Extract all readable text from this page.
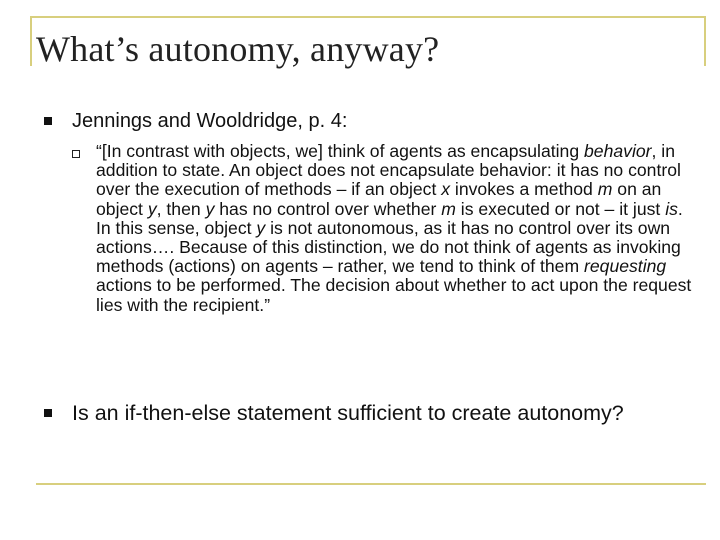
What’s autonomy, anyway?
Jennings and Wooldridge, p. 4:
“[In contrast with objects, we] think of agents as encapsulating behavior, in addition to state. An object does not encapsulate behavior: it has no control over the execution of methods – if an object x invokes a method m on an object y, then y has no control over whether m is executed or not – it just is. In this sense, object y is not autonomous, as it has no control over its own actions…. Because of this distinction, we do not think of agents as invoking methods (actions) on agents – rather, we tend to think of them requesting actions to be performed. The decision about whether to act upon the request lies with the recipient.”
Is an if-then-else statement sufficient to create autonomy?
